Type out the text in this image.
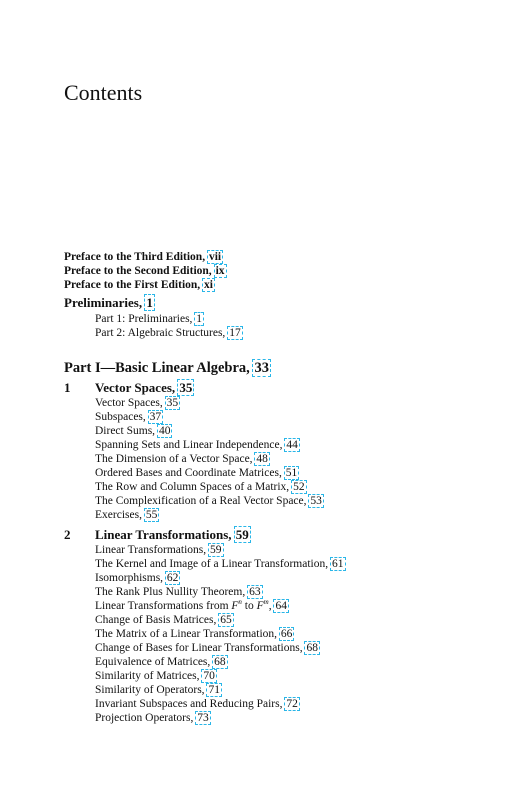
Contents
Preface to the Third Edition, vii
Preface to the Second Edition, ix
Preface to the First Edition, xi
Preliminaries, 1
Part 1: Preliminaries, 1
Part 2: Algebraic Structures, 17
Part I—Basic Linear Algebra, 33
1 Vector Spaces, 35
Vector Spaces, 35
Subspaces, 37
Direct Sums, 40
Spanning Sets and Linear Independence, 44
The Dimension of a Vector Space, 48
Ordered Bases and Coordinate Matrices, 51
The Row and Column Spaces of a Matrix, 52
The Complexification of a Real Vector Space, 53
Exercises, 55
2 Linear Transformations, 59
Linear Transformations, 59
The Kernel and Image of a Linear Transformation, 61
Isomorphisms, 62
The Rank Plus Nullity Theorem, 63
Linear Transformations from $F^n$ to $F^m$, 64
Change of Basis Matrices, 65
The Matrix of a Linear Transformation, 66
Change of Bases for Linear Transformations, 68
Equivalence of Matrices, 68
Similarity of Matrices, 70
Similarity of Operators, 71
Invariant Subspaces and Reducing Pairs, 72
Projection Operators, 73
